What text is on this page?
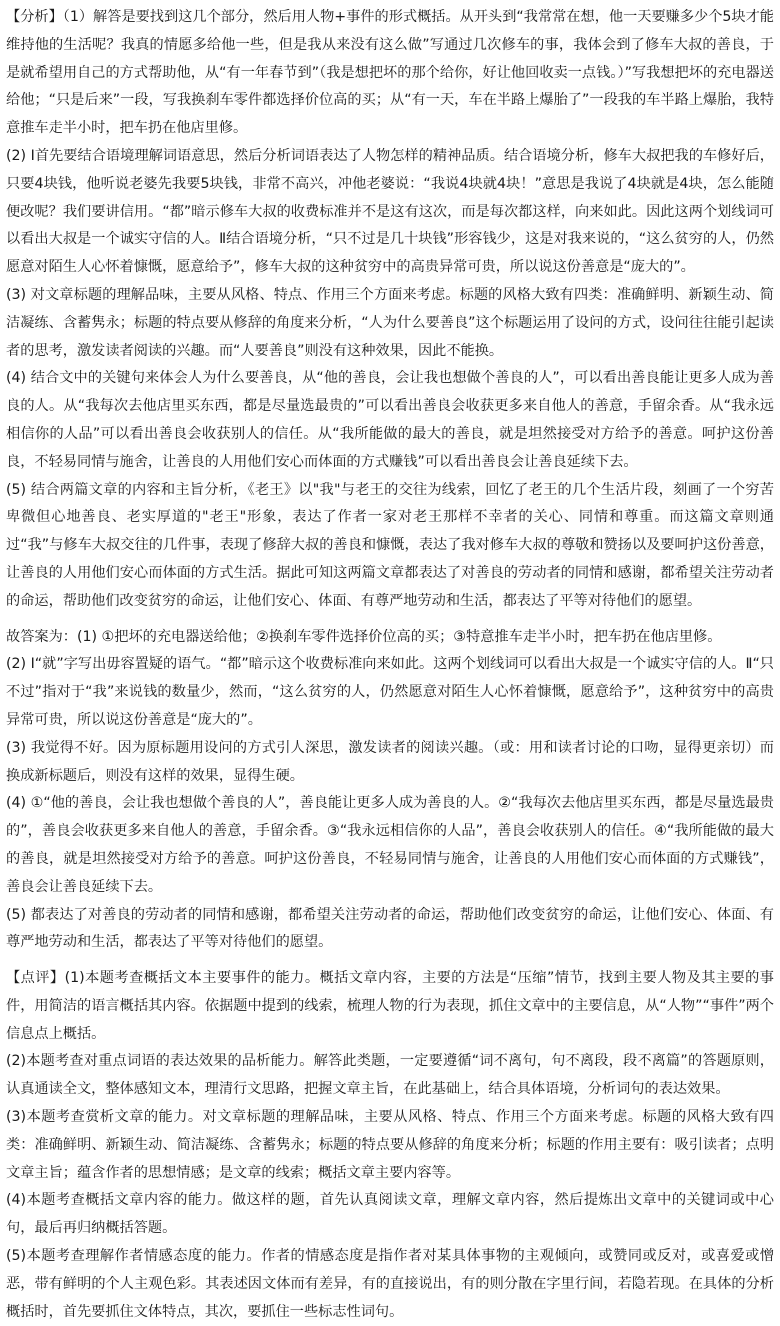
【分析】（1）解答是要找到这几个部分，然后用人物+事件的形式概括。从开头到“我常常在想，他一天要赚多少个5块才能维持他的生活呢？我真的情愿多给他一些，但是我从来没有这么做”写通过几次修车的事，我体会到了修车大叔的善良，于是就希望用自己的方式帮助他，从“有一年春节到”（我是想把坏的那个给你，好让他回收卖一点钱。）”写我想把坏的充电器送给他；“只是后来”一段，写我换刹车零件都选择价位高的买；从“有一天，车在半路上爆胎了”一段我的车半路上爆胎，我特意推车走半小时，把车扔在他店里修。

(2) Ⅰ首先要结合语境理解词语意思，然后分析词语表达了人物怎样的精神品质。结合语境分析，修车大叔把我的车修好后，只要4块钱，他听说老婆先我要5块钱，非常不高兴，冲他老婆说：“我说4块就4块！”意思是我说了4块就是4块，怎么能随便改呢？我们要讲信用。“都”暗示修车大叔的收费标准并不是这有这次，而是每次都这样，向来如此。因此这两个划线词可以看出大叔是一个诚实守信的人。Ⅱ结合语境分析，“只不过是几十块钱”形容钱少，这是对我来说的，“这么贫穷的人，仍然愿意对陌生人心怀着慷慨，愿意给予”，修车大叔的这种贫穷中的高贵异常可贵，所以说这份善意是“庞大的”。

(3) 对文章标题的理解品味，主要从风格、特点、作用三个方面来考虑。标题的风格大致有四类：准确鲜明、新颖生动、简洁凝练、含蓄隽永；标题的特点要从修辞的角度来分析，“人为什么要善良”这个标题运用了设问的方式，设问往往能引起读者的思考，激发读者阅读的兴趣。而“人要善良”则没有这种效果，因此不能换。

(4) 结合文中的关键句来体会人为什么要善良，从“他的善良，会让我也想做个善良的人”，可以看出善良能让更多人成为善良的人。从“我每次去他店里买东西，都是尽量选最贵的”可以看出善良会收获更多来自他人的善意，手留余香。从“我永远相信你的人品”可以看出善良会收获别人的信任。从“我所能做的最大的善良，就是坦然接受对方给予的善意。呵护这份善良，不轻易同情与施舍，让善良的人用他们安心而体面的方式赚钱”可以看出善良会让善良延续下去。

(5) 结合两篇文章的内容和主旨分析，《老王》以"我"与老王的交往为线索，回忆了老王的几个生活片段，刻画了一个穷苦卑微但心地善良、老实厚道的"老王"形象，表达了作者一家对老王那样不幸者的关心、同情和尊重。而这篇文章则通过“我”与修车大叔交往的几件事，表现了修辞大叔的善良和慷慨，表达了我对修车大叔的尊敬和赞扬以及要呵护这份善意，让善良的人用他们安心而体面的方式生活。据此可知这两篇文章都表达了对善良的劳动者的同情和感谢，都希望关注劳动者的命运，帮助他们改变贫穷的命运，让他们安心、体面、有尊严地劳动和生活，都表达了平等对待他们的愿望。

故答案为：(1) ①把坏的充电器送给他；②换刹车零件选择价位高的买；③特意推车走半小时，把车扔在他店里修。

(2) Ⅰ“就”字写出毋容置疑的语气。“都”暗示这个收费标准向来如此。这两个划线词可以看出大叔是一个诚实守信的人。Ⅱ“只不过”指对于“我”来说钱的数量少，然而，“这么贫穷的人，仍然愿意对陌生人心怀着慷慨，愿意给予”，这种贫穷中的高贵异常可贵，所以说这份善意是“庞大的”。

(3) 我觉得不好。因为原标题用设问的方式引人深思，激发读者的阅读兴趣。（或：用和读者讨论的口吻，显得更亲切）而换成新标题后，则没有这样的效果，显得生硬。

(4) ①“他的善良，会让我也想做个善良的人”，善良能让更多人成为善良的人。②“我每次去他店里买东西，都是尽量选最贵的”，善良会收获更多来自他人的善意，手留余香。③“我永远相信你的人品”，善良会收获别人的信任。④“我所能做的最大的善良，就是坦然接受对方给予的善意。呵护这份善良，不轻易同情与施舍，让善良的人用他们安心而体面的方式赚钱”，善良会让善良延续下去。

(5) 都表达了对善良的劳动者的同情和感谢，都希望关注劳动者的命运，帮助他们改变贫穷的命运，让他们安心、体面、有尊严地劳动和生活，都表达了平等对待他们的愿望。

【点评】(1)本题考查概括文本主要事件的能力。概括文章内容，主要的方法是“压缩”情节，找到主要人物及其主要的事件，用简洁的语言概括其内容。依据题中提到的线索，梳理人物的行为表现，抓住文章中的主要信息，从“人物”“事件”两个信息点上概括。

(2)本题考查对重点词语的表达效果的品析能力。解答此类题，一定要遵循“词不离句，句不离段，段不离篇”的答题原则，认真通读全文，整体感知文本，理清行文思路，把握文章主旨，在此基础上，结合具体语境，分析词句的表达效果。

(3)本题考查赏析文章的能力。对文章标题的理解品味，主要从风格、特点、作用三个方面来考虑。标题的风格大致有四类：准确鲜明、新颖生动、简洁凝练、含蓄隽永；标题的特点要从修辞的角度来分析；标题的作用主要有：吸引读者；点明文章主旨；蕴含作者的思想情感；是文章的线索；概括文章主要内容等。

(4)本题考查概括文章内容的能力。做这样的题，首先认真阅读文章，理解文章内容，然后提炼出文章中的关键词或中心句，最后再归纳概括答题。

(5)本题考查理解作者情感态度的能力。作者的情感态度是指作者对某具体事物的主观倾向，或赞同或反对，或喜爱或憎恶，带有鲜明的个人主观色彩。其表述因文体而有差异，有的直接说出，有的则分散在字里行间，若隐若现。在具体的分析概括时，首先要抓住文体特点，其次，要抓住一些标志性词句。
